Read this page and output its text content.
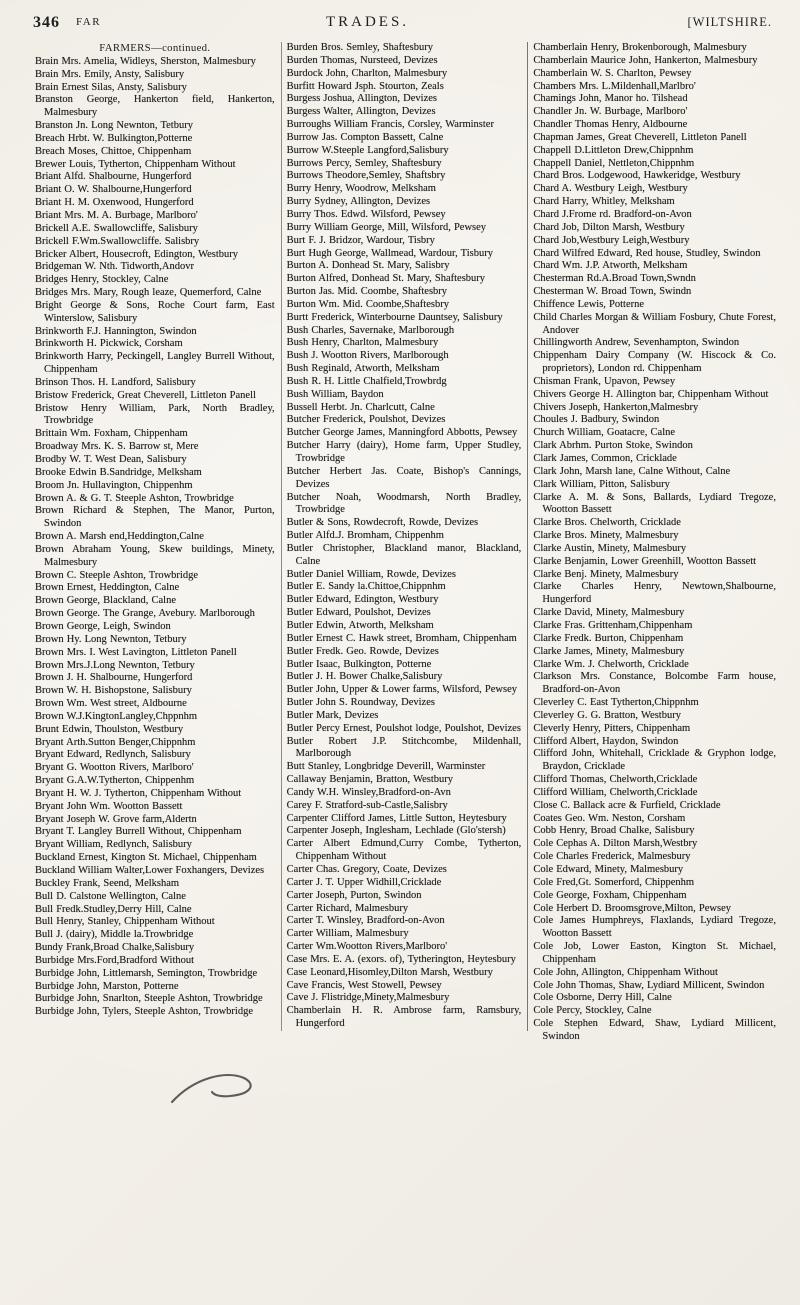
346 FAR	TRADES.	[WILTSHIRE.

FARMERS—continued.

Brain Mrs. Amelia, Widleys, Sherston, Malmesbury

Brain Mrs. Emily, Ansty, Salisbury

Brain Ernest Silas, Ansty, Salisbury

Branston George, Hankerton field, Hankerton, Malmesbury

Branston Jn. Long Newnton, Tetbury

Breach Hrbt. W. Bulkington,Potterne

Breach Moses, Chittoe, Chippenham

Brewer Louis, Tytherton, Chippenham Without

Briant Alfd. Shalbourne, Hungerford

Briant O. W. Shalbourne,Hungerford

Briant H. M. Oxenwood, Hungerford

Briant Mrs. M. A. Burbage, Marlboro'

Brickell A.E. Swallowcliffe, Salisbury

Brickell F.Wm.Swallowcliffe. Salisbry

Bricker Albert, Housecroft, Edington, Westbury

Bridgeman W. Nth. Tidworth,Andovr

Bridges Henry, Stockley, Calne

Bridges Mrs. Mary, Rough leaze, Quemerford, Calne

Bright George & Sons, Roche Court farm, East Winterslow, Salisbury

Brinkworth F.J. Hannington, Swindon

Brinkworth H. Pickwick, Corsham

Brinkworth Harry, Peckingell, Langley Burrell Without, Chippenham

Brinson Thos. H. Landford, Salisbury

Bristow Frederick, Great Cheverell, Littleton Panell

Bristow Henry William, Park, North Bradley, Trowbridge

Brittain Wm. Foxham, Chippenham

Broadway Mrs. K. S. Barrow st, Mere

Brodby W. T. West Dean, Salisbury

Brooke Edwin B.Sandridge, Melksham

Broom Jn. Hullavington, Chippenhm

Brown A. & G. T. Steeple Ashton, Trowbridge

Brown Richard & Stephen, The Manor, Purton, Swindon

Brown A. Marsh end,Heddington,Calne

Brown Abraham Young, Skew buildings, Minety, Malmesbury

Brown C. Steeple Ashton, Trowbridge

Brown Ernest, Heddington, Calne

Brown George, Blackland, Calne

Brown George. The Grange, Avebury. Marlborough

Brown George, Leigh, Swindon

Brown Hy. Long Newnton, Tetbury

Brown Mrs. I. West Lavington, Littleton Panell

Brown Mrs.J.Long Newnton, Tetbury

Brown J. H. Shalbourne, Hungerford

Brown W. H. Bishopstone, Salisbury

Brown Wm. West street, Aldbourne

Brown W.J.KingtonLangley,Chppnhm

Brunt Edwin, Thoulston, Westbury

Bryant Arth.Sutton Benger,Chippnhm

Bryant Edward, Redlynch, Salisbury

Bryant G. Wootton Rivers, Marlboro'

Bryant G.A.W.Tytherton, Chippenhm

Bryant H. W. J. Tytherton, Chippenham Without

Bryant John Wm. Wootton Bassett

Bryant Joseph W. Grove farm,Aldertn

Bryant T. Langley Burrell Without, Chippenham

Bryant William, Redlynch, Salisbury

Buckland Ernest, Kington St. Michael, Chippenham

Buckland William Walter,Lower Foxhangers, Devizes

Buckley Frank, Seend, Melksham

Bull D. Calstone Wellington, Calne

Bull Fredk.Studley,Derry Hill, Calne

Bull Henry, Stanley, Chippenham Without

Bull J. (dairy), Middle la.Trowbridge

Bundy Frank,Broad Chalke,Salisbury

Burbidge Mrs.Ford,Bradford Without

Burbidge John, Littlemarsh, Semington, Trowbridge

Burbidge John, Marston, Potterne

Burbidge John, Snarlton, Steeple Ashton, Trowbridge

Burbidge John, Tylers, Steeple Ashton, Trowbridge

Burden Bros. Semley, Shaftesbury

Burden Thomas, Nursteed, Devizes

Burdock John, Charlton, Malmesbury

Burfitt Howard Jsph. Stourton, Zeals

Burgess Joshua, Allington, Devizes

Burgess Walter, Allington, Devizes

Burroughs William Francis, Corsley, Warminster

Burrow Jas. Compton Bassett, Calne

Burrow W.Steeple Langford,Salisbury

Burrows Percy, Semley, Shaftesbury

Burrows Theodore,Semley, Shaftsbry

Burry Henry, Woodrow, Melksham

Burry Sydney, Allington, Devizes

Burry Thos. Edwd. Wilsford, Pewsey

Burry William George, Mill, Wilsford, Pewsey

Burt F. J. Bridzor, Wardour, Tisbry

Burt Hugh George, Wallmead, Wardour, Tisbury

Burton A. Donhead St. Mary, Salisbry

Burton Alfred, Donhead St. Mary, Shaftesbury

Burton Jas. Mid. Coombe, Shaftesbry

Burton Wm. Mid. Coombe,Shaftesbry

Burtt Frederick, Winterbourne Dauntsey, Salisbury

Bush Charles, Savernake, Marlborough

Bush Henry, Charlton, Malmesbury

Bush J. Wootton Rivers, Marlborough

Bush Reginald, Atworth, Melksham

Bush R. H. Little Chalfield,Trowbrdg

Bush William, Baydon

Bussell Herbt. Jn. Charlcutt, Calne

Butcher Frederick, Poulshot, Devizes

Butcher George James, Manningford Abbotts, Pewsey

Butcher Harry (dairy), Home farm, Upper Studley, Trowbridge

Butcher Herbert Jas. Coate, Bishop's Cannings, Devizes

Butcher Noah, Woodmarsh, North Bradley, Trowbridge

Butler & Sons, Rowdecroft, Rowde, Devizes

Butler Alfd.J. Bromham, Chippenhm

Butler Christopher, Blackland manor, Blackland, Calne

Butler Daniel William, Rowde, Devizes

Butler E. Sandy la.Chittoe,Chippnhm

Butler Edward, Edington, Westbury

Butler Edward, Poulshot, Devizes

Butler Edwin, Atworth, Melksham

Butler Ernest C. Hawk street, Bromham, Chippenham

Butler Fredk. Geo. Rowde, Devizes

Butler Isaac, Bulkington, Potterne

Butler J. H. Bower Chalke,Salisbury

Butler John, Upper & Lower farms, Wilsford, Pewsey

Butler John S. Roundway, Devizes

Butler Mark, Devizes

Butler Percy Ernest, Poulshot lodge, Poulshot, Devizes

Butler Robert J.P. Stitchcombe, Mildenhall, Marlborough

Butt Stanley, Longbridge Deverill, Warminster

Callaway Benjamin, Bratton, Westbury

Candy W.H. Winsley,Bradford-on-Avn

Carey F. Stratford-sub-Castle,Salisbry

Carpenter Clifford James, Little Sutton, Heytesbury

Carpenter Joseph, Inglesham, Lechlade (Glo'stersh)

Carter Albert Edmund,Curry Combe, Tytherton, Chippenham Without

Carter Chas. Gregory, Coate, Devizes

Carter J. T. Upper Widhill,Cricklade

Carter Joseph, Purton, Swindon

Carter Richard, Malmesbury

Carter T. Winsley, Bradford-on-Avon

Carter William, Malmesbury

Carter Wm.Wootton Rivers,Marlboro'

Case Mrs. E. A. (exors. of), Tytherington, Heytesbury

Case Leonard,Hisomley,Dilton Marsh, Westbury

Cave Francis, West Stowell, Pewsey

Cave J. Flistridge,Minety,Malmesbury

Chamberlain H. R. Ambrose farm, Ramsbury, Hungerford

Chamberlain Henry, Brokenborough, Malmesbury

Chamberlain Maurice John, Hankerton, Malmesbury

Chamberlain W. S. Charlton, Pewsey

Chambers Mrs. L.Mildenhall,Marlbro'

Chamings John, Manor ho. Tilshead

Chandler Jn. W. Burbage, Marlboro'

Chandler Thomas Henry, Aldbourne

Chapman James, Great Cheverell, Littleton Panell

Chappell D.Littleton Drew,Chippnhm

Chappell Daniel, Nettleton,Chippnhm

Chard Bros. Lodgewood, Hawkeridge, Westbury

Chard A. Westbury Leigh, Westbury

Chard Harry, Whitley, Melksham

Chard J.Frome rd. Bradford-on-Avon

Chard Job, Dilton Marsh, Westbury

Chard Job,Westbury Leigh,Westbury

Chard Wilfred Edward, Red house, Studley, Swindon

Chard Wm. J.P. Atworth, Melksham

Chesterman Rd.A.Broad Town,Swndn

Chesterman W. Broad Town, Swindn

Chiffence Lewis, Potterne

Child Charles Morgan & William Fosbury, Chute Forest, Andover

Chillingworth Andrew, Sevenhampton, Swindon

Chippenham Dairy Company (W. Hiscock & Co. proprietors), London rd. Chippenham

Chisman Frank, Upavon, Pewsey

Chivers George H. Allington bar, Chippenham Without

Chivers Joseph, Hankerton,Malmesbry

Choules J. Badbury, Swindon

Church William, Goatacre, Calne

Clark Abrhm. Purton Stoke, Swindon

Clark James, Common, Cricklade

Clark John, Marsh lane, Calne Without, Calne

Clark William, Pitton, Salisbury

Clarke A. M. & Sons, Ballards, Lydiard Tregoze, Wootton Bassett

Clarke Bros. Chelworth, Cricklade

Clarke Bros. Minety, Malmesbury

Clarke Austin, Minety, Malmesbury

Clarke Benjamin, Lower Greenhill, Wootton Bassett

Clarke Benj. Minety, Malmesbury

Clarke Charles Henry, Newtown,Shalbourne, Hungerford

Clarke David, Minety, Malmesbury

Clarke Fras. Grittenham,Chippenham

Clarke Fredk. Burton, Chippenham

Clarke James, Minety, Malmesbury

Clarke Wm. J. Chelworth, Cricklade

Clarkson Mrs. Constance, Bolcombe Farm house, Bradford-on-Avon

Cleverley C. East Tytherton,Chippnhm

Cleverley G. G. Bratton, Westbury

Cleverly Henry, Pitters, Chippenham

Clifford Albert, Haydon, Swindon

Clifford John, Whitehall, Cricklade & Gryphon lodge, Braydon, Cricklade

Clifford Thomas, Chelworth,Cricklade

Clifford William, Chelworth,Cricklade

Close C. Ballack acre & Furfield, Cricklade

Coates Geo. Wm. Neston, Corsham

Cobb Henry, Broad Chalke, Salisbury

Cole Cephas A. Dilton Marsh,Westbry

Cole Charles Frederick, Malmesbury

Cole Edward, Minety, Malmesbury

Cole Fred,Gt. Somerford, Chippenhm

Cole George, Foxham, Chippenham

Cole Herbert D. Broomsgrove,Milton, Pewsey

Cole James Humphreys, Flaxlands, Lydiard Tregoze, Wootton Bassett

Cole Job, Lower Easton, Kington St. Michael, Chippenham

Cole John, Allington, Chippenham Without

Cole John Thomas, Shaw, Lydiard Millicent, Swindon

Cole Osborne, Derry Hill, Calne

Cole Percy, Stockley, Calne

Cole Stephen Edward, Shaw, Lydiard Millicent, Swindon
